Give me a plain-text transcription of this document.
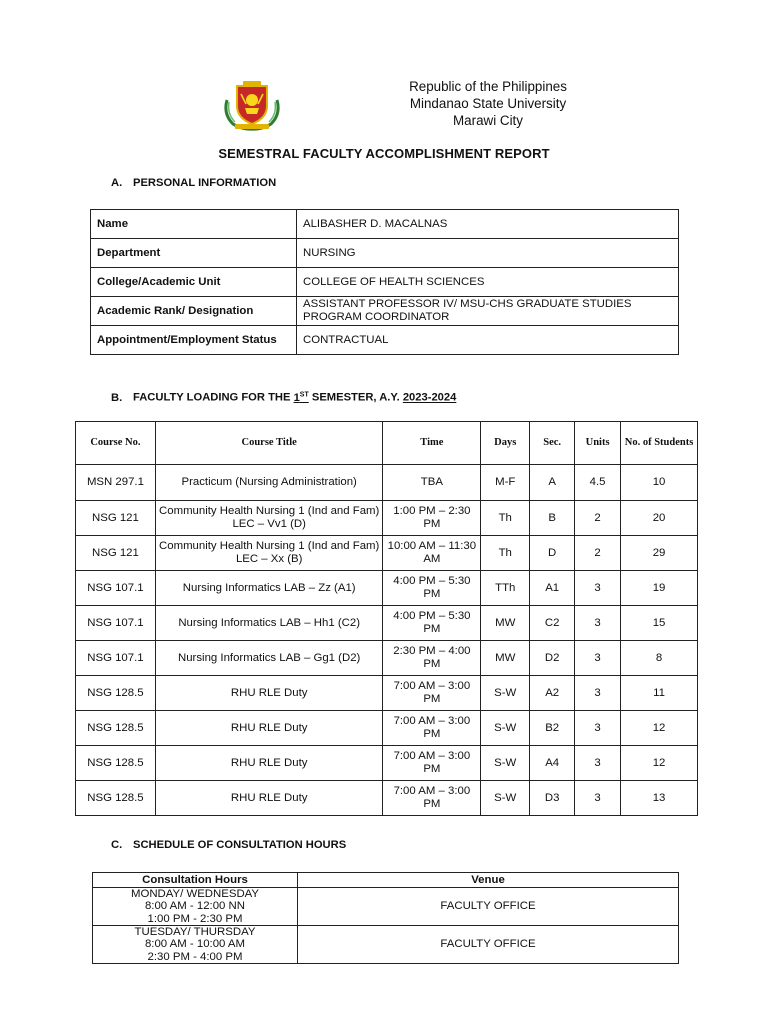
Republic of the Philippines
Mindanao State University
Marawi City
SEMESTRAL FACULTY ACCOMPLISHMENT REPORT
A. PERSONAL INFORMATION
Name	ALIBASHER D. MACALNAS
Department	NURSING
College/Academic Unit	COLLEGE OF HEALTH SCIENCES
Academic Rank/ Designation	ASSISTANT PROFESSOR IV/ MSU-CHS GRADUATE STUDIES PROGRAM COORDINATOR
Appointment/Employment Status	CONTRACTUAL
B. FACULTY LOADING FOR THE 1ST SEMESTER, A.Y. 2023-2024
Course No.	Course Title	Time	Days	Sec.	Units	No. of Students
MSN 297.1	Practicum (Nursing Administration)	TBA	M-F	A	4.5	10
NSG 121	Community Health Nursing 1 (Ind and Fam) LEC – Vv1 (D)	1:00 PM – 2:30 PM	Th	B	2	20
NSG 121	Community Health Nursing 1 (Ind and Fam) LEC – Xx (B)	10:00 AM – 11:30 AM	Th	D	2	29
NSG 107.1	Nursing Informatics LAB – Zz (A1)	4:00 PM – 5:30 PM	TTh	A1	3	19
NSG 107.1	Nursing Informatics LAB – Hh1 (C2)	4:00 PM – 5:30 PM	MW	C2	3	15
NSG 107.1	Nursing Informatics LAB – Gg1 (D2)	2:30 PM – 4:00 PM	MW	D2	3	8
NSG 128.5	RHU RLE Duty	7:00 AM – 3:00 PM	S-W	A2	3	11
NSG 128.5	RHU RLE Duty	7:00 AM – 3:00 PM	S-W	B2	3	12
NSG 128.5	RHU RLE Duty	7:00 AM – 3:00 PM	S-W	A4	3	12
NSG 128.5	RHU RLE Duty	7:00 AM – 3:00 PM	S-W	D3	3	13
C. SCHEDULE OF CONSULTATION HOURS
Consultation Hours	Venue

MONDAY/ WEDNESDAY
8:00 AM - 12:00 NN
1:00 PM - 2:30 PM	FACULTY OFFICE

TUESDAY/ THURSDAY
8:00 AM - 10:00 AM
2:30 PM - 4:00 PM	FACULTY OFFICE
